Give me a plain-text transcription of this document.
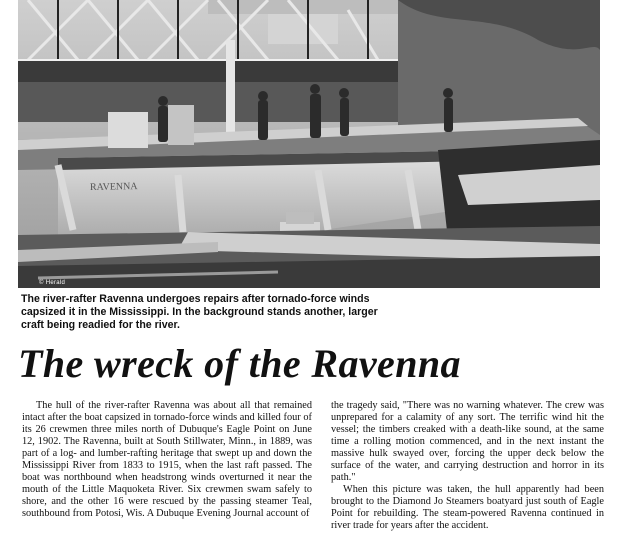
RAVENNA
© Herald
The river-rafter Ravenna undergoes repairs after tornado-force winds capsized it in the Mississippi. In the background stands another, larger craft being readied for the river.
The wreck of the Ravenna

The hull of the river-rafter Ravenna was about all that remained intact after the boat capsized in tornado-force winds and killed four of its 26 crewmen three miles north of Dubuque's Eagle Point on June 12, 1902. The Ravenna, built at South Stillwater, Minn., in 1889, was part of a log- and lumber-rafting heritage that swept up and down the Mississippi River from 1833 to 1915, when the last raft passed. The boat was northbound when headstrong winds overturned it near the mouth of the Little Maquoketa River. Six crewmen swam safely to shore, and the other 16 were rescued by the passing steamer Teal, southbound from Potosi, Wis. A Dubuque Evening Journal account of

the tragedy said, "There was no warning whatever. The crew was unprepared for a calamity of any sort. The terrific wind hit the vessel; the timbers creaked with a death-like sound, at the same time a rolling motion commenced, and in the next instant the massive hulk swayed over, forcing the upper deck below the surface of the water, and carrying destruction and horror in its path."
When this picture was taken, the hull apparently had been brought to the Diamond Jo Steamers boatyard just south of Eagle Point for rebuilding. The steam-powered Ravenna continued in river trade for years after the accident.
